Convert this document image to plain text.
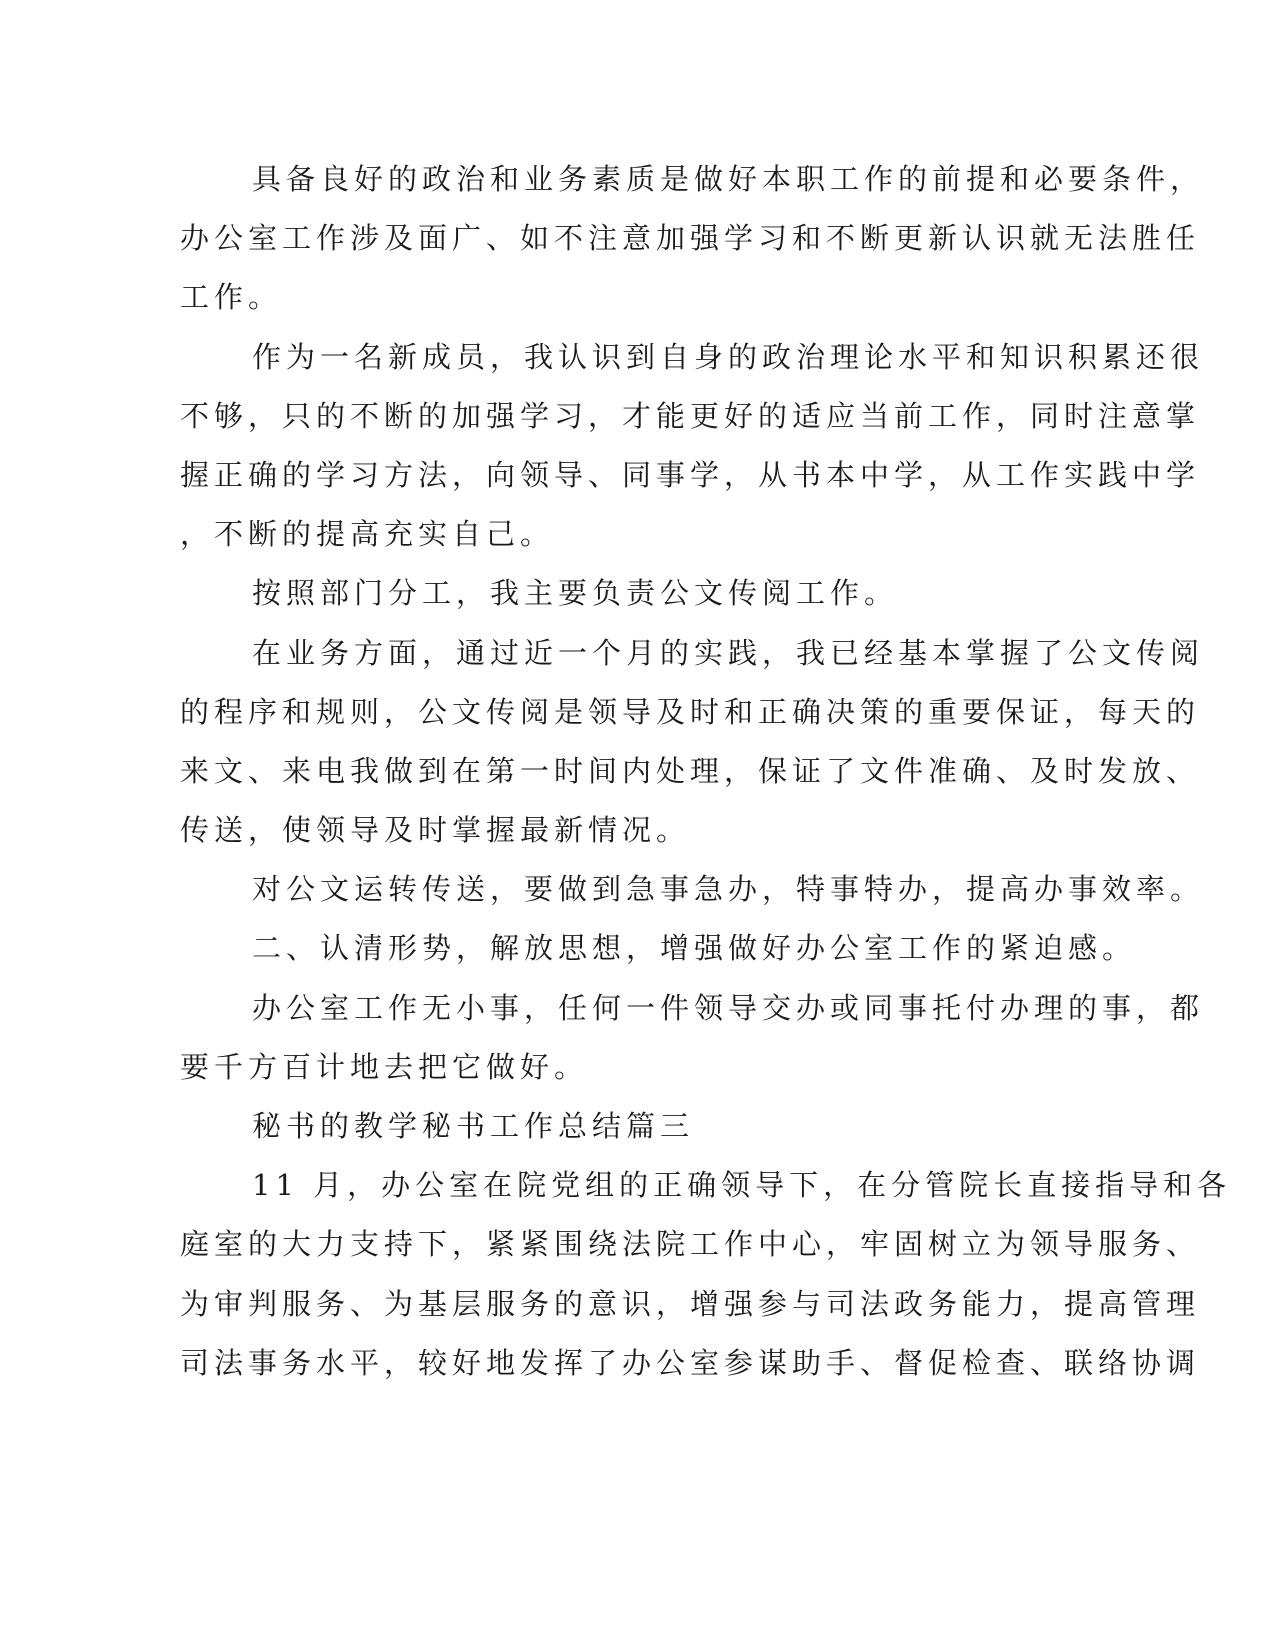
具备良好的政治和业务素质是做好本职工作的前提和必要条件，
办公室工作涉及面广、如不注意加强学习和不断更新认识就无法胜任
工作。
作为一名新成员，我认识到自身的政治理论水平和知识积累还很
不够，只的不断的加强学习，才能更好的适应当前工作，同时注意掌
握正确的学习方法，向领导、同事学，从书本中学，从工作实践中学
，不断的提高充实自己。
按照部门分工，我主要负责公文传阅工作。
在业务方面，通过近一个月的实践，我已经基本掌握了公文传阅
的程序和规则，公文传阅是领导及时和正确决策的重要保证，每天的
来文、来电我做到在第一时间内处理，保证了文件准确、及时发放、
传送，使领导及时掌握最新情况。
对公文运转传送，要做到急事急办，特事特办，提高办事效率。
二、认清形势，解放思想，增强做好办公室工作的紧迫感。
办公室工作无小事，任何一件领导交办或同事托付办理的事，都
要千方百计地去把它做好。
秘书的教学秘书工作总结篇三
11 月，办公室在院党组的正确领导下，在分管院长直接指导和各
庭室的大力支持下，紧紧围绕法院工作中心，牢固树立为领导服务、
为审判服务、为基层服务的意识，增强参与司法政务能力，提高管理
司法事务水平，较好地发挥了办公室参谋助手、督促检查、联络协调
